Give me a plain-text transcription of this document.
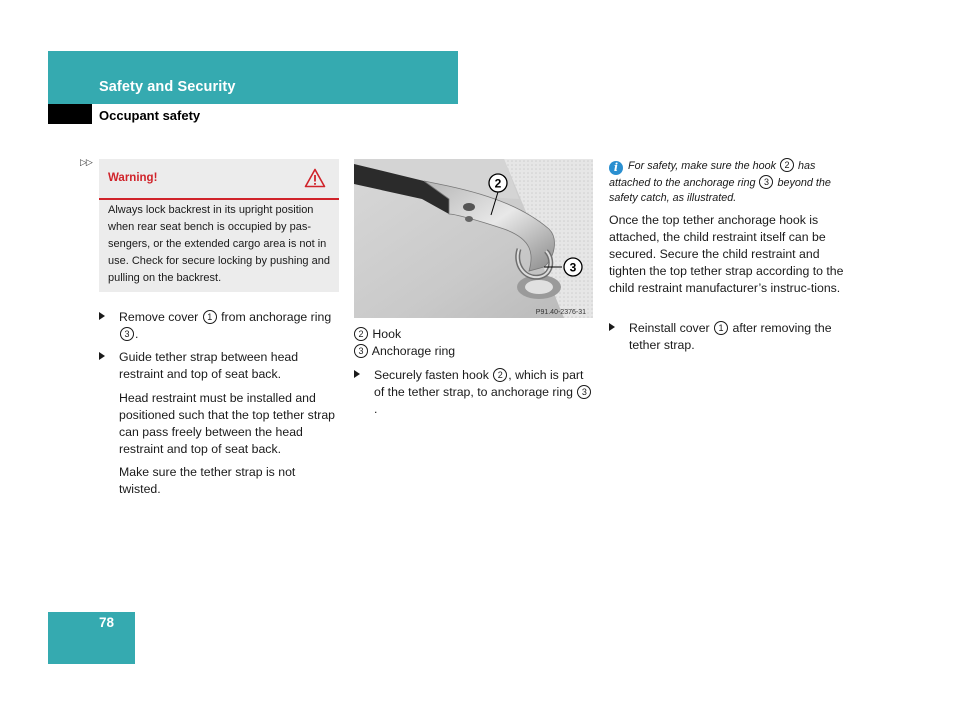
Safety and Security
Occupant safety
▷▷
Warning!
Always lock backrest in its upright position when rear seat bench is occupied by pas-sengers, or the extended cargo area is not in use. Check for secure locking by pushing and pulling on the backrest.
Remove cover 1 from anchorage ring 3 .
Guide tether strap between head restraint and top of seat back.
Head restraint must be installed and positioned such that the top tether strap can pass freely between the head restraint and top of seat back.
Make sure the tether strap is not twisted.
2
3
P91.40-2376-31
2 Hook
3 Anchorage ring
Securely fasten hook 2 , which is part of the tether strap, to anchorage ring 3.
i For safety, make sure the hook 2 has attached to the anchorage ring 3 beyond the safety catch, as illustrated.
Once the top tether anchorage hook is attached, the child restraint itself can be secured. Secure the child restraint and tighten the top tether strap according to the child restraint manufacturer’s instruc-tions.
Reinstall cover 1 after removing the tether strap.
78
